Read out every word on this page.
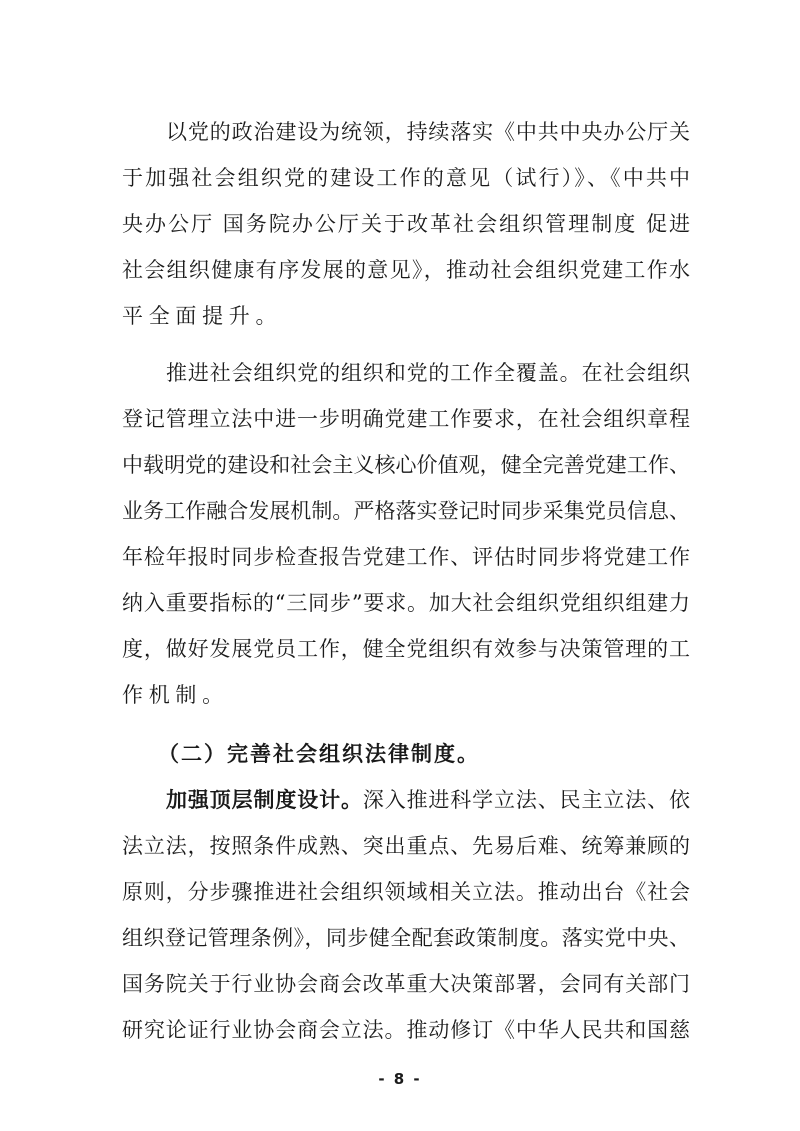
以党的政治建设为统领，持续落实《中共中央办公厅关
于加强社会组织党的建设工作的意见（试行）》、《中共中
央办公厅 国务院办公厅关于改革社会组织管理制度 促进
社会组织健康有序发展的意见》，推动社会组织党建工作水
平全面提升。
推进社会组织党的组织和党的工作全覆盖。在社会组织
登记管理立法中进一步明确党建工作要求，在社会组织章程
中载明党的建设和社会主义核心价值观，健全完善党建工作、
业务工作融合发展机制。严格落实登记时同步采集党员信息、
年检年报时同步检查报告党建工作、评估时同步将党建工作
纳入重要指标的“三同步”要求。加大社会组织党组织组建力
度，做好发展党员工作，健全党组织有效参与决策管理的工
作机制。
（二）完善社会组织法律制度。
加强顶层制度设计。深入推进科学立法、民主立法、依
法立法，按照条件成熟、突出重点、先易后难、统筹兼顾的
原则，分步骤推进社会组织领域相关立法。推动出台《社会
组织登记管理条例》，同步健全配套政策制度。落实党中央、
国务院关于行业协会商会改革重大决策部署，会同有关部门
研究论证行业协会商会立法。推动修订《中华人民共和国慈
- 8 -
